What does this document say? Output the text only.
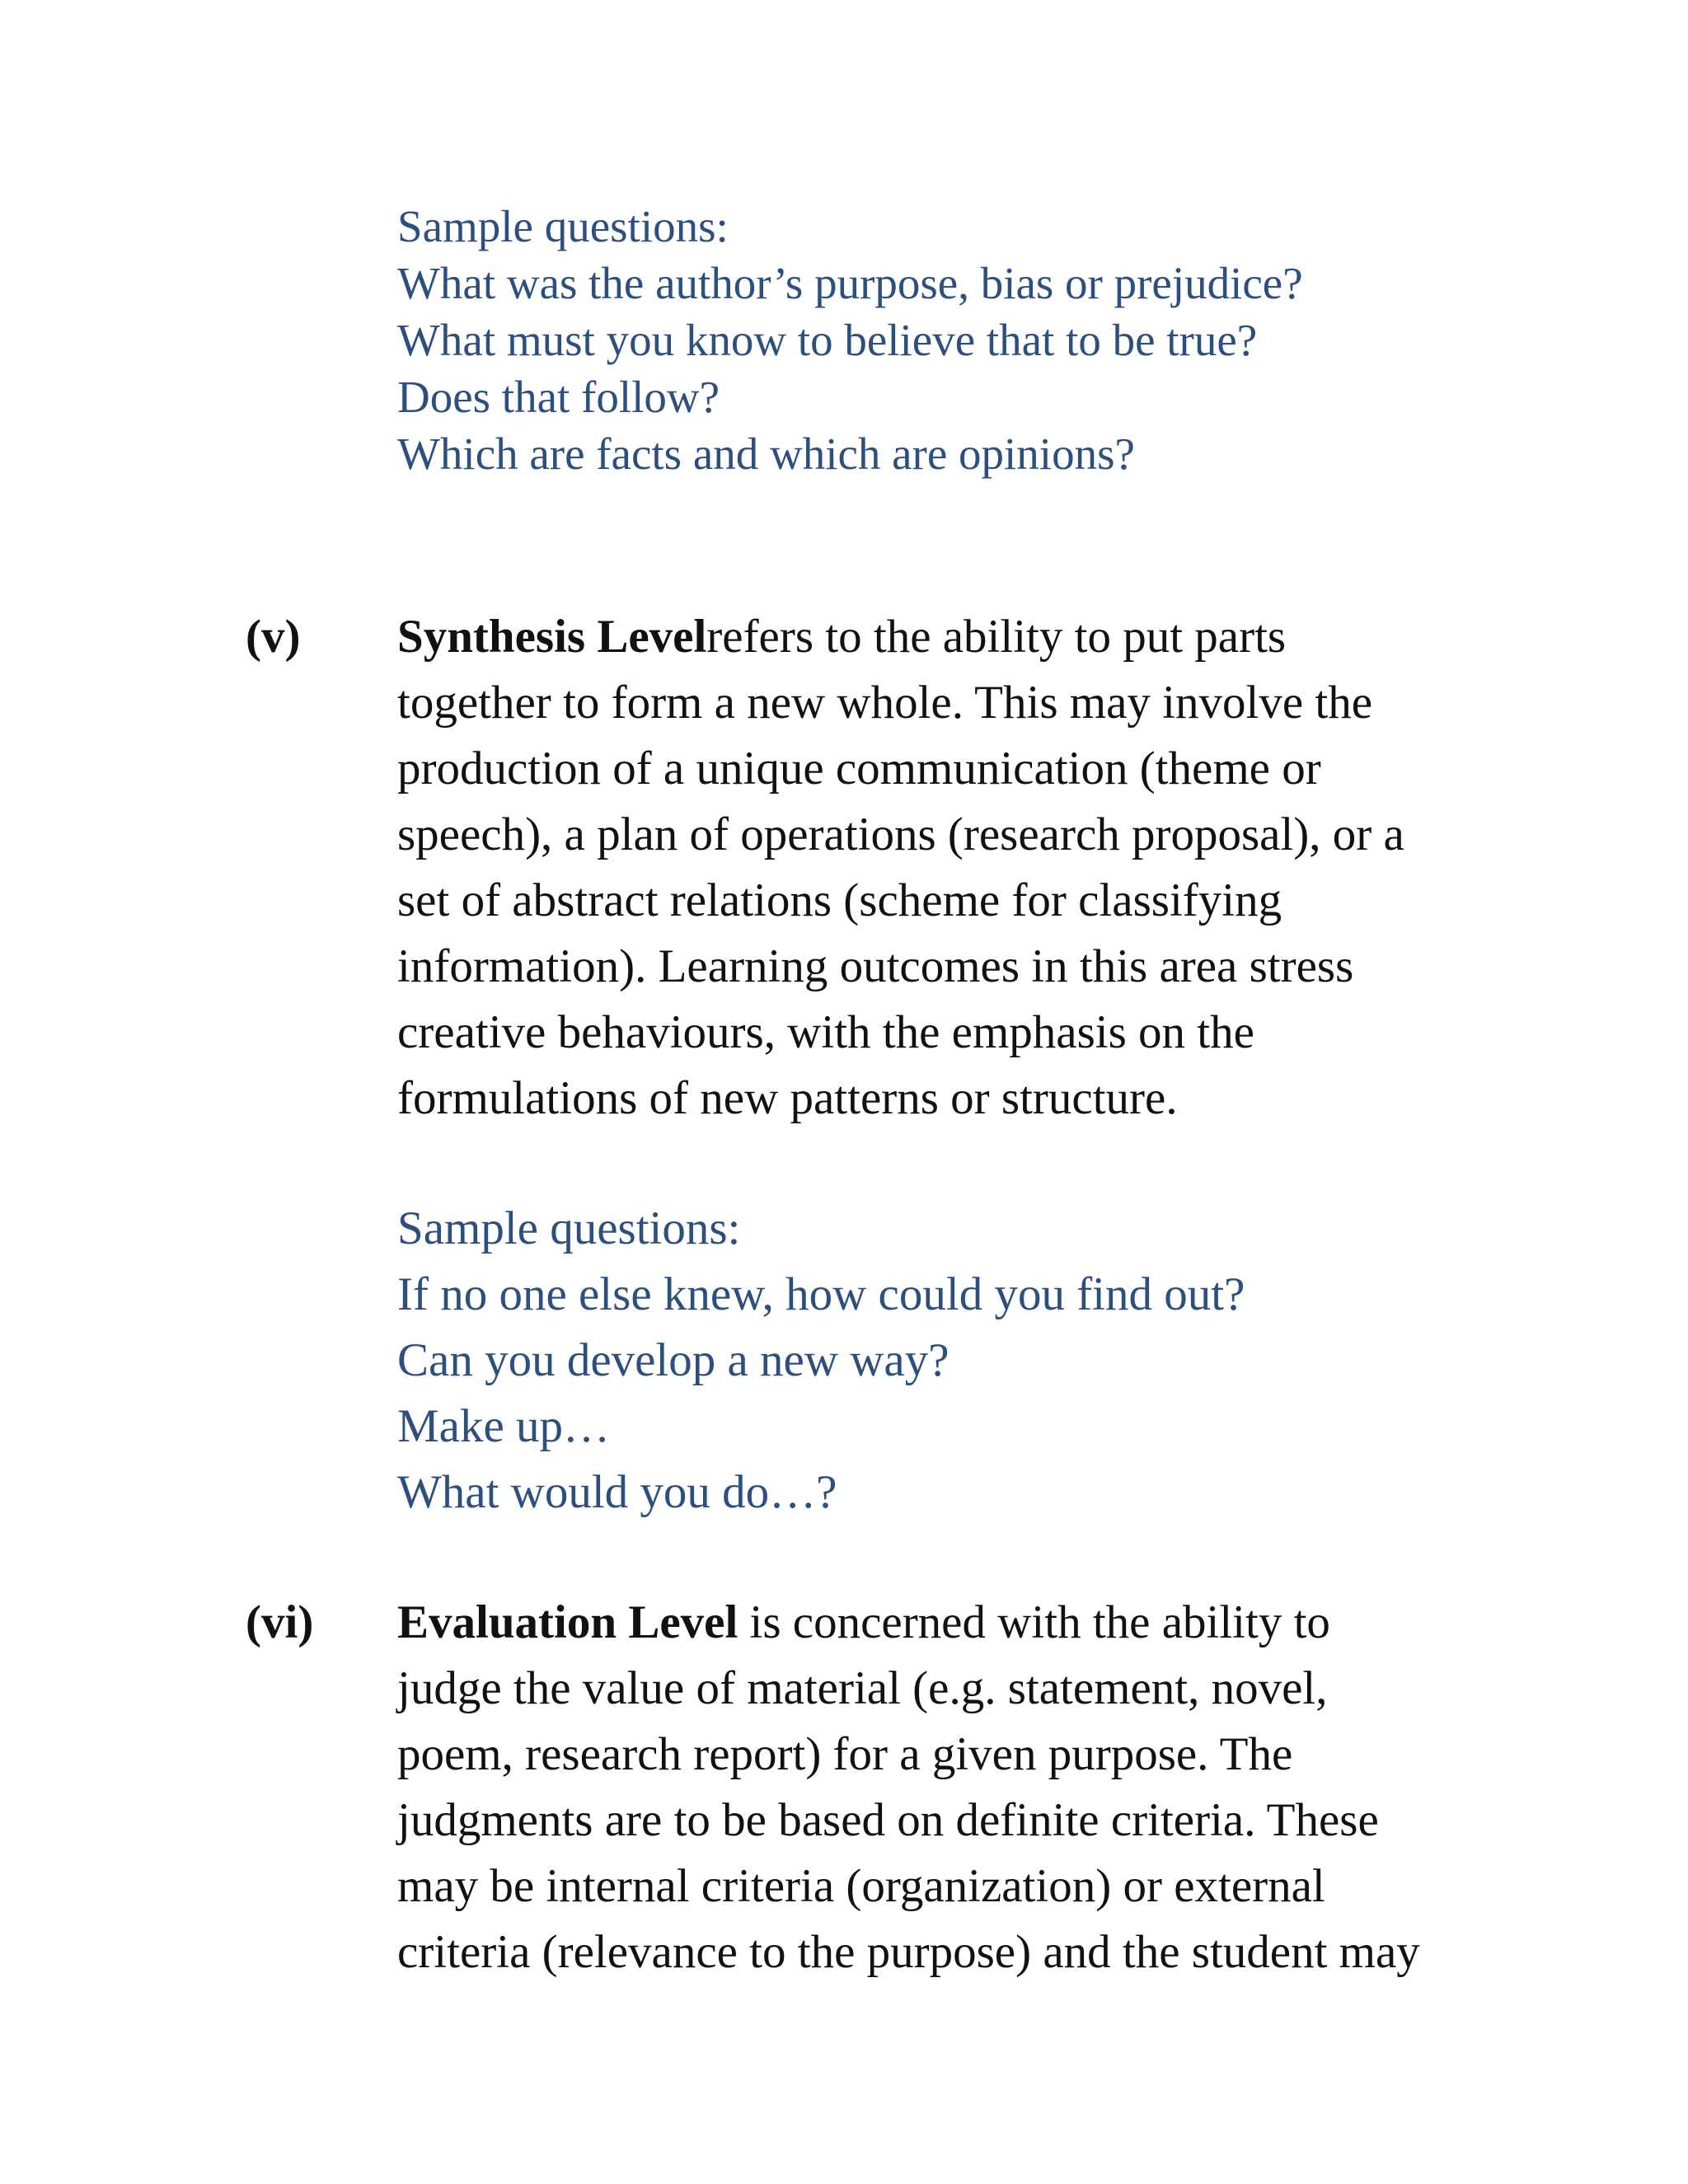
Sample questions:
What was the author’s purpose, bias or prejudice?
What must you know to believe that to be true?
Does that follow?
Which are facts and which are opinions?
(v) Synthesis Levelrefers to the ability to put parts
together to form a new whole. This may involve the
production of a unique communication (theme or
speech), a plan of operations (research proposal), or a
set of abstract relations (scheme for classifying
information). Learning outcomes in this area stress
creative behaviours, with the emphasis on the
formulations of new patterns or structure.
Sample questions:
If no one else knew, how could you find out?
Can you develop a new way?
Make up…
What would you do…?
(vi) Evaluation Level is concerned with the ability to
judge the value of material (e.g. statement, novel,
poem, research report) for a given purpose. The
judgments are to be based on definite criteria. These
may be internal criteria (organization) or external
criteria (relevance to the purpose) and the student may
